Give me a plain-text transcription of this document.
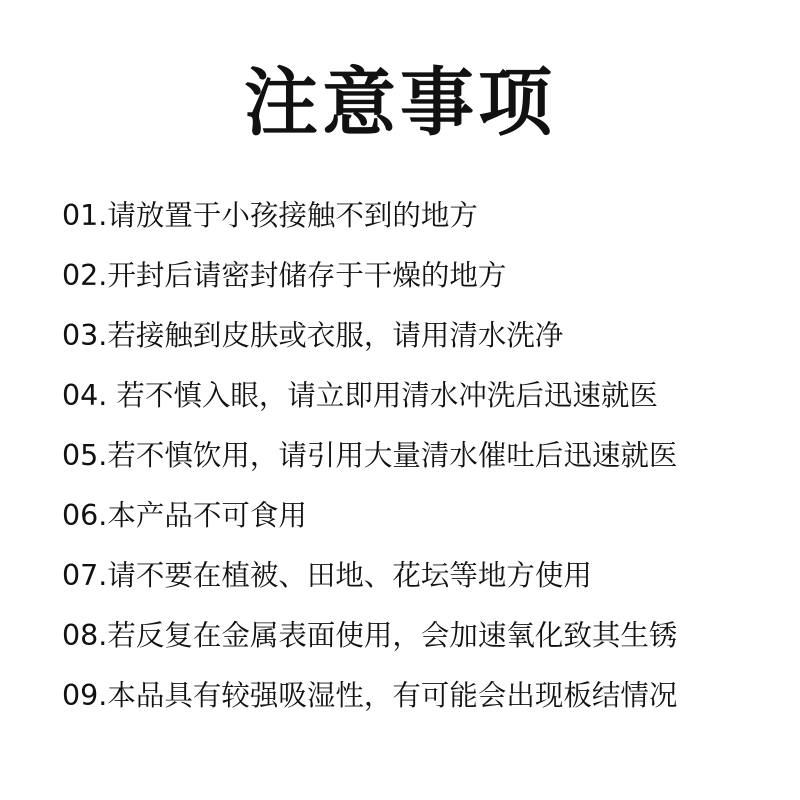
注意事项
01.请放置于小孩接触不到的地方
02.开封后请密封储存于干燥的地方
03.若接触到皮肤或衣服，请用清水洗净
04. 若不慎入眼，请立即用清水冲洗后迅速就医
05.若不慎饮用，请引用大量清水催吐后迅速就医
06.本产品不可食用
07.请不要在植被、田地、花坛等地方使用
08.若反复在金属表面使用，会加速氧化致其生锈
09.本品具有较强吸湿性，有可能会出现板结情况
